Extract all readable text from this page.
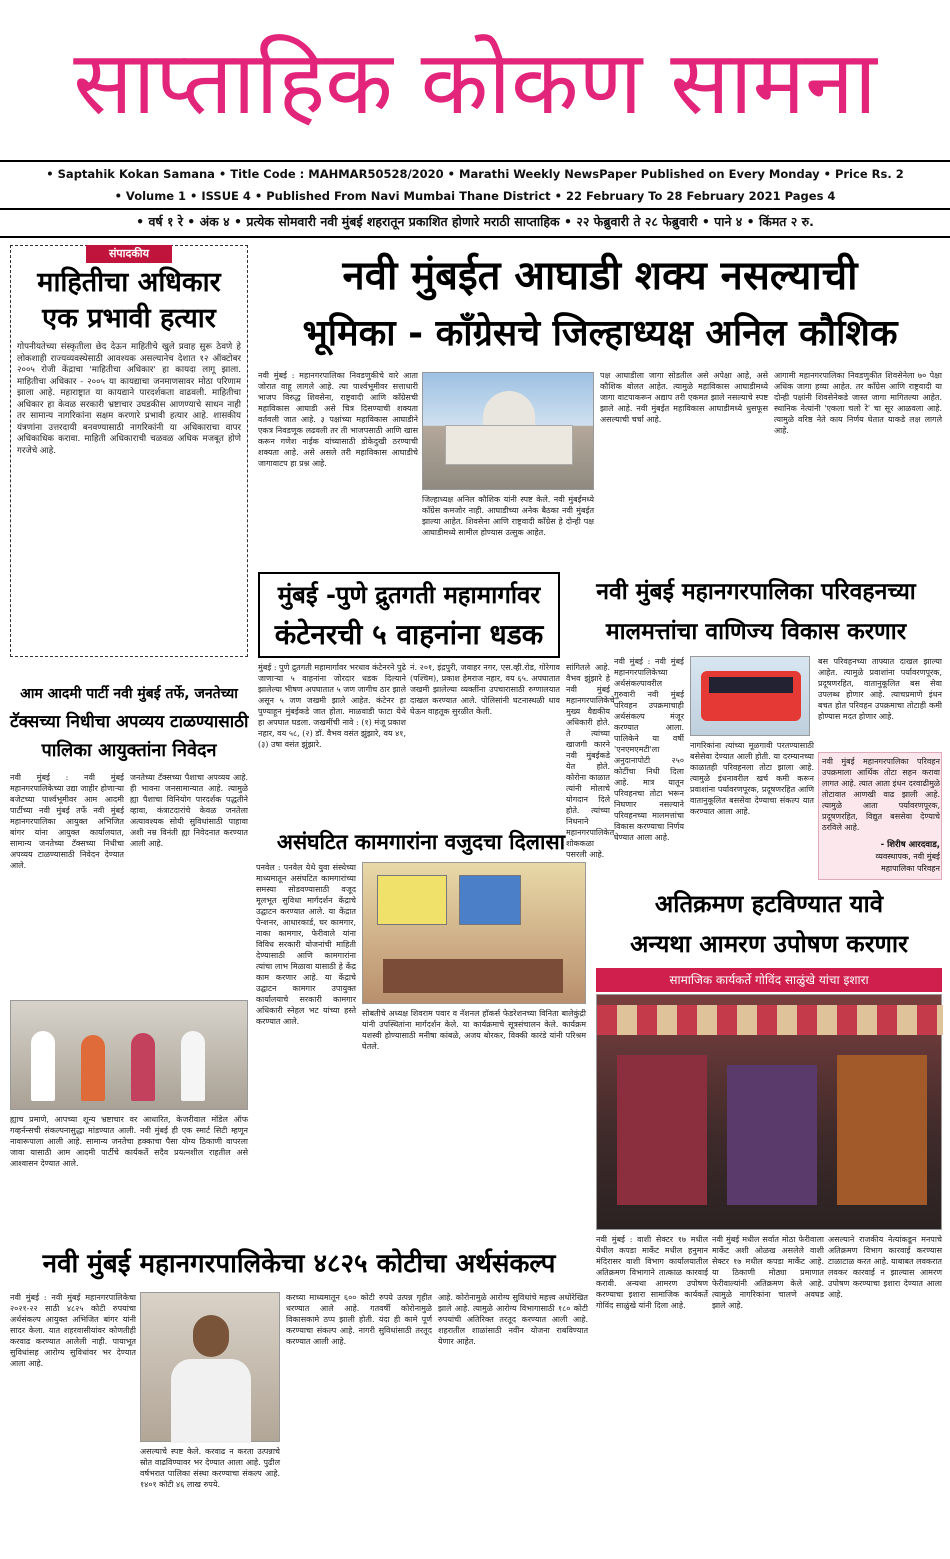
साप्ताहिक कोकण सामना
• Saptahik Kokan Samana • Title Code : MAHMAR50528/2020 • Marathi Weekly NewsPaper Published on Every Monday • Price Rs. 2
• Volume 1 • ISSUE 4 • Published From Navi Mumbai Thane District • 22 February To 28 February 2021 Pages 4
• वर्ष १ रे • अंक ४ • प्रत्येक सोमवारी नवी मुंबई शहरातून प्रकाशित होणारे मराठी साप्ताहिक • २२ फेब्रुवारी ते २८ फेब्रुवारी • पाने ४ • किंमत २ रु.
संपादकीय
माहितीचा अधिकार
एक प्रभावी हत्यार
गोपनीयतेच्या संस्कृतीला छेद देऊन माहितीचे खुले प्रवाह सुरू ठेवणे हे लोकशाही राज्यव्यवस्थेसाठी आवश्यक असल्यानेच देशात १२ ऑक्टोबर २००५ रोजी केंद्राचा 'माहितीचा अधिकार' हा कायदा लागू झाला. माहितीचा अधिकार - २००५ या कायद्याचा जनमाणसावर मोठा परिणाम झाला आहे. महाराष्ट्रात या कायद्याने पारदर्शकता वाढवली. माहितीचा अधिकार हा केवळ सरकारी भ्रष्टाचार उघडकीस आणण्याचे साधन नाही तर सामान्य नागरिकांना सक्षम करणारे प्रभावी हत्यार आहे. शासकीय यंत्रणांना उत्तरदायी बनवण्यासाठी नागरिकांनी या अधिकाराचा वापर अधिकाधिक करावा. माहिती अधिकाराची चळवळ अधिक मजबूत होणे गरजेचे आहे.
नवी मुंबईत आघाडी शक्य नसल्याची
भूमिका - काँग्रेसचे जिल्हाध्यक्ष अनिल कौशिक
नवी मुंबई : महानगरपालिका निवडणुकीचे वारे आता जोरात वाहू लागले आहे. त्या पार्श्वभूमीवर सत्ताधारी भाजप विरुद्ध शिवसेना, राष्ट्रवादी आणि काँग्रेसची महाविकास आघाडी असे चित्र दिसण्याची शक्यता वर्तवली जात आहे. ३ पक्षांच्या महाविकास आघाडीने एकत्र निवडणूक लढवली तर ती भाजपसाठी आणि खास करून गणेश नाईक यांच्यासाठी डोकेदुखी ठरण्याची शक्यता आहे. असे असले तरी महाविकास आघाडीचे जागावाटप हा प्रश्न आहे.
जिल्हाध्यक्ष अनिल कौशिक यांनी स्पष्ट केले. नवी मुंबईमध्ये काँग्रेस कमजोर नाही. आघाडीच्या अनेक बैठका नवी मुंबईत झाल्या आहेत. शिवसेना आणि राष्ट्रवादी काँग्रेस हे दोन्ही पक्ष आघाडीमध्ये सामील होण्यास उत्सुक आहेत.
पक्ष आघाडीला जागा सोडतील असे अपेक्षा आहे, असे कौशिक बोलत आहेत. त्यामुळे महाविकास आघाडीमध्ये जागा वाटपाकरून अद्याप तरी एकमत झाले नसल्याचे स्पष्ट झाले आहे. नवी मुंबईत महाविकास आघाडीमध्ये धुसफूस असल्याची चर्चा आहे.
आगामी महानगरपालिका निवडणुकीत शिवसेनेला ७० पेक्षा अधिक जागा हव्या आहेत. तर काँग्रेस आणि राष्ट्रवादी या दोन्ही पक्षांनी शिवसेनेकडे जास्त जागा मागितल्या आहेत. स्थानिक नेत्यांनी 'एकला चलो रे' चा सूर आळवला आहे. त्यामुळे वरिष्ठ नेते काय निर्णय घेतात याकडे लक्ष लागले आहे.
मुंबई -पुणे द्रुतगती महामार्गावर
कंटेनरची ५ वाहनांना धडक
मुंबई : पुणे द्रुतगती महामार्गावर भरधाव कंटेनरने पुढे जाणाऱ्या ५ वाहनांना जोरदार धडक दिल्याने झालेल्या भीषण अपघातात ५ जण जागीच ठार झाले असून ५ जण जखमी झाले आहेत. कंटेनर हा पुण्याहून मुंबईकडे जात होता. माळवाडी फाटा येथे हा अपघात घडला. जखमींची नावे : (१) मंजू प्रकाश नहार, वय ५८, (२) डॉ. वैभव वसंत झुंझारे, वय ४१, (३) उषा वसंत झुंझारे.
नं. २०१, इंद्रपुरी, जवाहर नगर, एस.व्ही.रोड, गोरेगाव (पश्चिम), प्रकाश हेमराज नहार, वय ६५. अपघातात जखमी झालेल्या व्यक्तींना उपचारासाठी रुग्णालयात दाखल करण्यात आले. पोलिसांनी घटनास्थळी धाव घेऊन वाहतूक सुरळीत केली.
सांगितले आहे. वैभव झुंझारे हे नवी मुंबई महानगरपालिकेचे मुख्य वैद्यकीय अधिकारी होते. ते त्यांच्या खाजगी कारने नवी मुंबईकडे येत होते. कोरोना काळात त्यांनी मोलाचे योगदान दिले होते. त्यांच्या निधनाने महानगरपालिकेत शोककळा पसरली आहे.
नवी मुंबई महानगरपालिका परिवहनच्या
मालमत्तांचा वाणिज्य विकास करणार
नवी मुंबई : नवी मुंबई महानगरपालिकेच्या अर्थसंकल्पावरील गुरुवारी नवी मुंबई परिवहन उपक्रमाचाही अर्थसंकल्प मंजूर करण्यात आला. पालिकेने या वर्षी 'एनएमएमटी'ला अनुदानापोटी २५० कोटींचा निधी दिला आहे. मात्र यातून परिवहनचा तोटा भरून निघणार नसल्याने परिवहनच्या मालमत्तांचा विकास करण्याचा निर्णय घेण्यात आला आहे.
नागरिकांना त्यांच्या मूळगावी परतण्यासाठी बसेसेवा देण्यात आली होती. या दरम्यानच्या काळातही परिवहनला तोटा झाला आहे. त्यामुळे इंधनावरील खर्च कमी करून प्रवाशांना पर्यावरणपूरक, प्रदूषणरहित आणि वातानुकूलित बससेवा देण्याचा संकल्प यात करण्यात आला आहे.
बस परिवहनच्या ताफ्यात दाखल झाल्या आहेत. त्यामुळे प्रवाशांना पर्यावरणपूरक, प्रदूषणरहित, वातानुकूलित बस सेवा उपलब्ध होणार आहे. त्याचप्रमाणे इंधन बचत होत परिवहन उपक्रमाचा तोटाही कमी होण्यास मदत होणार आहे.
नवी मुंबई महानगरपालिका परिवहन उपक्रमाला आर्थिक तोटा सहन करावा लागत आहे. त्यात आता इंधन दरवाढीमुळे तोटावात आणखी वाढ झाली आहे. त्यामुळे आता पर्यावरणपूरक, प्रदूषणरहित, विद्युत बससेवा देण्याचे ठरविले आहे.
- शिरीष आरदवाड,
व्यवस्थापक, नवी मुंबई
महापालिका परिवहन
आम आदमी पार्टी नवी मुंबई तर्फे, जनतेच्या
टॅक्सच्या निधीचा अपव्यय टाळण्यासाठी
पालिका आयुक्तांना निवेदन
नवी मुंबई : नवी मुंबई महानगरपालिकेच्या उद्या जाहीर होणाऱ्या बजेटच्या पार्श्वभूमीवर आम आदमी पार्टीच्या नवी मुंबई तर्फे नवी मुंबई महानगरपालिका आयुक्त अभिजित बांगर यांना आयुक्त कार्यालयात, सामान्य जनतेच्या टॅक्सच्या निधीचा अपव्यय टाळण्यासाठी निवेदन देण्यात आले.
जनतेच्या टॅक्सच्या पैशाचा अपव्यय आहे. ही भावना जनसामान्यात आहे. त्यामुळे ह्या पैशाचा विनियोग पारदर्शक पद्धतीने व्हावा, कंत्राटदारांचे केवळ जनतेला अत्यावश्यक सोयी सुविधांसाठी पाहावा अशी नम्र विनंती ह्या निवेदनात करण्यात आली आहे.
ह्याच प्रमाणे, आपच्या शून्य भ्रष्टाचार वर आधारित, केजरीवाल मॉडेल ऑफ गव्हर्नन्सची संकल्पनासुद्धा मांडण्यात आली. नवी मुंबई ही एक स्मार्ट सिटी म्हणून नावारूपाला आली आहे. सामान्य जनतेचा हक्काचा पैसा योग्य ठिकाणी वापरला जावा यासाठी आम आदमी पार्टीचे कार्यकर्ते सदैव प्रयत्नशील राहतील असे आश्वासन देण्यात आले.
असंघटित कामगारांना वजुदचा दिलासा
पनवेल : पनवेल येथे युवा संस्थेच्या माध्यमातून असंघटित कामगारांच्या समस्या सोडवण्यासाठी वजूद मूलभूत सुविधा मार्गदर्शन केंद्राचे उद्घाटन करण्यात आले. या केंद्रात पेन्शनर, आधारकार्ड, घर कामगार, नाका कामगार, फेरीवाले यांना विविध सरकारी योजनांची माहिती देण्यासाठी आणि कामगारांना त्यांचा लाभ मिळावा यासाठी हे केंद्र काम करणार आहे. या केंद्राचे उद्घाटन कामगार उपायुक्त कार्यालयाचे सरकारी कामगार अधिकारी स्नेहल भट यांच्या हस्ते करण्यात आले.
सोबतीचे अध्यक्ष शिवराम पवार व नॅशनल हॉकर्स फेडरेशनच्या विनिता बालेकुंद्री यांनी उपस्थितांना मार्गदर्शन केले. या कार्यक्रमाचे सूत्रसंचालन केले. कार्यक्रम यशस्वी होण्यासाठी मनीषा कांबळे, अजय बोरकर, विक्की कारंडे यांनी परिश्रम घेतले.
अतिक्रमण हटविण्यात यावे
अन्यथा आमरण उपोषण करणार
सामाजिक कार्यकर्ते गोविंद साळुंखे यांचा इशारा
नवी मुंबई : वाशी सेक्टर १७ मधील येथील कपडा मार्केट मधील हनुमान मंदिरासर वाशी विभाग कार्यालयातील अतिक्रमण विभागाने तात्काळ कारवाई करावी. अन्यथा आमरण उपोषण करण्याचा इशारा सामाजिक कार्यकर्ते गोविंद साळुंखे यांनी दिला आहे.
नवी मुंबई मधील सर्वात मोठा फेरीवाला मार्केट अशी ओळख असलेले वाशी सेक्टर १७ मधील कपडा मार्केट आहे. या ठिकाणी मोठ्या प्रमाणात फेरीवाल्यांनी अतिक्रमण केले आहे. त्यामुळे नागरिकांना चालणे अवघड झाले आहे.
असल्याने राजकीय नेत्यांकडून मनपाचे अतिक्रमण विभाग कारवाई करण्यास टाळाटाळ करत आहे. याबाबत लवकरात लवकर कारवाई न झाल्यास आमरण उपोषण करण्याचा इशारा देण्यात आला आहे.
नवी मुंबई महानगरपालिकेचा ४८२५ कोटीचा अर्थसंकल्प
नवी मुंबई : नवी मुंबई महानगरपालिकेचा २०२१-२२ साठी ४८२५ कोटी रुपयांचा अर्थसंकल्प आयुक्त अभिजित बांगर यांनी सादर केला. यात शहरवासीयांवर कोणतीही करवाढ करण्यात आलेली नाही. पायाभूत सुविधांसह आरोग्य सुविधांवर भर देण्यात आला आहे.
असल्याचे स्पष्ट केले. करवाढ न करता उत्पन्नाचे स्रोत वाढविण्यावर भर देण्यात आला आहे. पुढील वर्षभरात पालिका संस्था करण्याचा संकल्प आहे. १४०१ कोटी ४६ लाख रुपये.
करच्या माध्यमातून ६०० कोटी रुपये उत्पन्न गृहीत धरण्यात आले आहे. गतवर्षी कोरोनामुळे विकासकामे ठप्प झाली होती. यंदा ही कामे पूर्ण करण्याचा संकल्प आहे. नागरी सुविधांसाठी तरतूद करण्यात आली आहे.
आहे. कोरोनामुळे आरोग्य सुविधांचे महत्त्व अधोरेखित झाले आहे. त्यामुळे आरोग्य विभागासाठी १८० कोटी रुपयांची अतिरिक्त तरतूद करण्यात आली आहे. शहरातील शाळांसाठी नवीन योजना राबविण्यात येणार आहेत.
